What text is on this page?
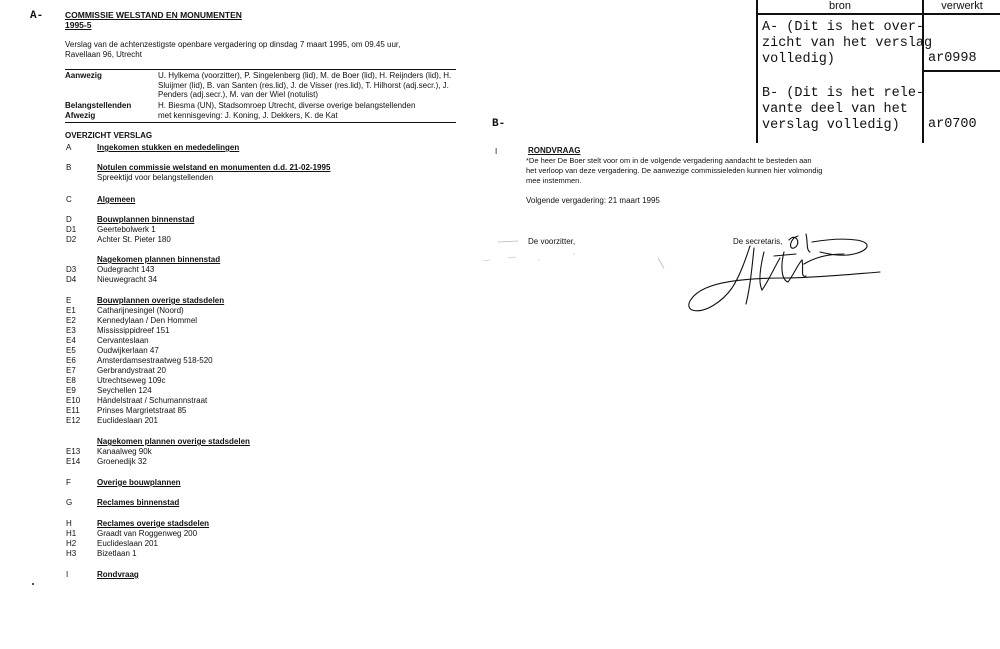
A-	COMMISSIE WELSTAND EN MONUMENTEN
1995-5
Verslag van de achtenzestigste openbare vergadering op dinsdag 7 maart 1995, om 09.45 uur,
Ravellaan 96, Utrecht
Aanwezig	U. Hylkema (voorzitter), P. Singelenberg (lid), M. de Boer (lid), H. Reijnders (lid), H. Sluijmer (lid), B. van Santen (res.lid), J. de Visser (res.lid), T. Hilhorst (adj.secr.), J. Penders (adj.secr.), M. van der Wiel (notulist)
Belangstellenden	H. Biesma (UN), Stadsomroep Utrecht, diverse overige belangstellenden
Afwezig	met kennisgeving: J. Koning, J. Dekkers, K. de Kat
OVERZICHT VERSLAG
A	Ingekomen stukken en mededelingen
B	Notulen commissie welstand en monumenten d.d. 21-02-1995
Spreektijd voor belangstellenden
C	Algemeen
D	Bouwplannen binnenstad
D1	Geertebolwerk 1
D2	Achter St. Pieter 180
Nagekomen plannen binnenstad
D3	Oudegracht 143
D4	Nieuwegracht 34
E	Bouwplannen overige stadsdelen
E1	Catharijnesingel (Noord)
E2	Kennedylaan / Den Hommel
E3	Mississippidreef 151
E4	Cervanteslaan
E5	Oudwijkerlaan 47
E6	Amsterdamsestraatweg 518-520
E7	Gerbrandystraat 20
E8	Utrechtseweg 109c
E9	Seychellen 124
E10 Händelstraat / Schumannstraat
E11 Prinses Margrietstraat 85
E12 Euclideslaan 201
Nagekomen plannen overige stadsdelen
E13 Kanaalweg 90k
E14 Groenedijk 32
F	Overige bouwplannen
G	Reclames binnenstad
H	Reclames overige stadsdelen
H1	Graadt van Roggenweg 200
H2	Euclideslaan 201
H3	Bizetlaan 1
I	Rondvraag
B-
I	RONDVRAAG
*De heer De Boer stelt voor om in de volgende vergadering aandacht te besteden aan
het verloop van deze vergadering. De aanwezige commissieleden kunnen hier volmondig
mee instemmen.
Volgende vergadering: 21 maart 1995
De voorzitter,	De secretaris,
bron	verwerkt
A- (Dit is het over-
zicht van het verslag
volledig)	ar0998
B- (Dit is het rele-
vante deel van het
verslag volledig) ar0700
